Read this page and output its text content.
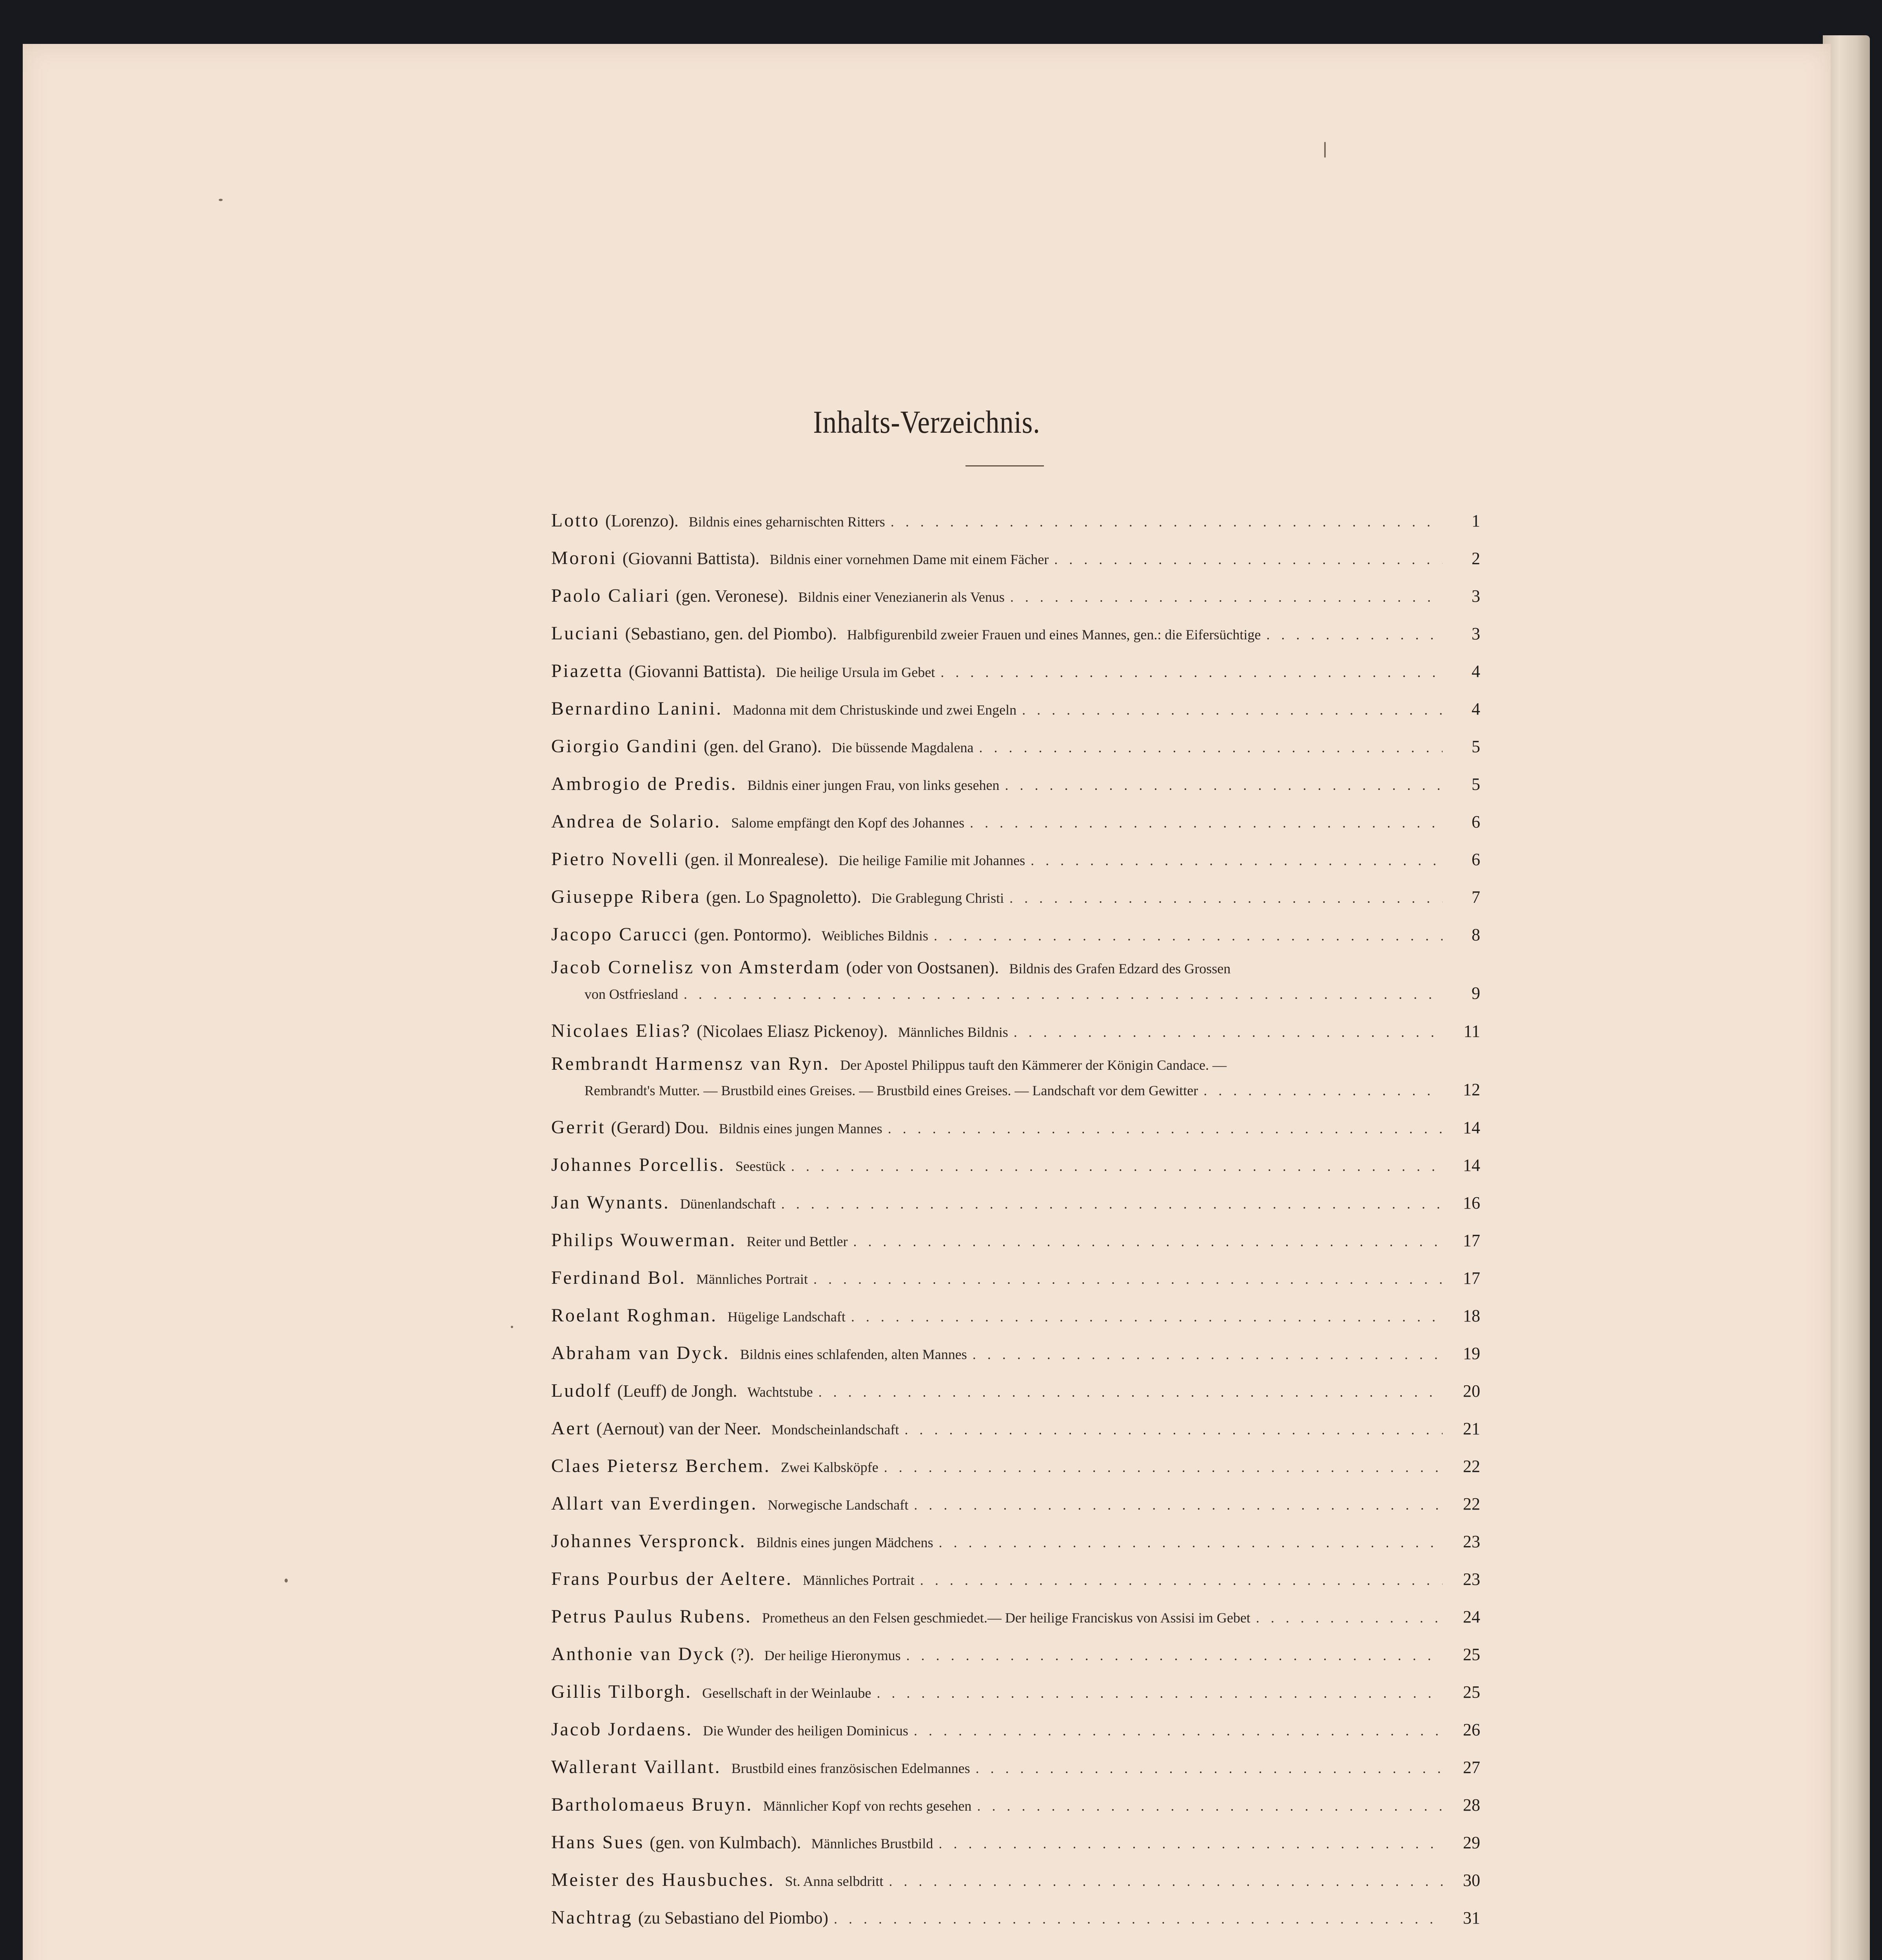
Inhalts-Verzeichnis.
Lotto (Lorenzo). Bildnis eines geharnischten Ritters . . .	1
Moroni (Giovanni Battista). Bildnis einer vornehmen Dame mit einem Fächer . . .	2
Paolo Caliari (gen. Veronese). Bildnis einer Venezianerin als Venus . . .	3
Luciani (Sebastiano, gen. del Piombo). Halbfigurenbild zweier Frauen und eines Mannes, gen.: die Eifersüchtige . . .	3
Piazetta (Giovanni Battista). Die heilige Ursula im Gebet . . .	4
Bernardino Lanini. Madonna mit dem Christuskinde und zwei Engeln . . .	4
Giorgio Gandini (gen. del Grano). Die büssende Magdalena . . .	5
Ambrogio de Predis. Bildnis einer jungen Frau, von links gesehen . . .	5
Andrea de Solario. Salome empfängt den Kopf des Johannes . . .	6
Pietro Novelli (gen. il Monrealese). Die heilige Familie mit Johannes . . .	6
Giuseppe Ribera (gen. Lo Spagnoletto). Die Grablegung Christi . . .	7
Jacopo Carucci (gen. Pontormo). Weibliches Bildnis . . .	8
Jacob Cornelisz von Amsterdam (oder von Oostsanen). Bildnis des Grafen Edzard des Grossen
von Ostfriesland . . .	9
Nicolaes Elias? (Nicolaes Eliasz Pickenoy). Männliches Bildnis . . .	11
Rembrandt Harmensz van Ryn. Der Apostel Philippus tauft den Kämmerer der Königin Candace. —
Rembrandt's Mutter. — Brustbild eines Greises. — Brustbild eines Greises. — Landschaft vor dem Gewitter . . .	12
Gerrit (Gerard) Dou. Bildnis eines jungen Mannes . . .	14
Johannes Porcellis. Seestück . . .	14
Jan Wynants. Dünenlandschaft . . .	16
Philips Wouwerman. Reiter und Bettler . . .	17
Ferdinand Bol. Männliches Portrait . . .	17
Roelant Roghman. Hügelige Landschaft . . .	18
Abraham van Dyck. Bildnis eines schlafenden, alten Mannes . . .	19
Ludolf (Leuff) de Jongh. Wachtstube . . .	20
Aert (Aernout) van der Neer. Mondscheinlandschaft . . .	21
Claes Pietersz Berchem. Zwei Kalbsköpfe . . .	22
Allart van Everdingen. Norwegische Landschaft . . .	22
Johannes Verspronck. Bildnis eines jungen Mädchens . . .	23
Frans Pourbus der Aeltere. Männliches Portrait . . .	23
Petrus Paulus Rubens. Prometheus an den Felsen geschmiedet.— Der heilige Franciskus von Assisi im Gebet . . .	24
Anthonie van Dyck (?). Der heilige Hieronymus . . .	25
Gillis Tilborgh. Gesellschaft in der Weinlaube . . .	25
Jacob Jordaens. Die Wunder des heiligen Dominicus . . .	26
Wallerant Vaillant. Brustbild eines französischen Edelmannes . . .	27
Bartholomaeus Bruyn. Männlicher Kopf von rechts gesehen . . .	28
Hans Sues (gen. von Kulmbach). Männliches Brustbild . . .	29
Meister des Hausbuches. St. Anna selbdritt . . .	30
Nachtrag (zu Sebastiano del Piombo) . . .	31
